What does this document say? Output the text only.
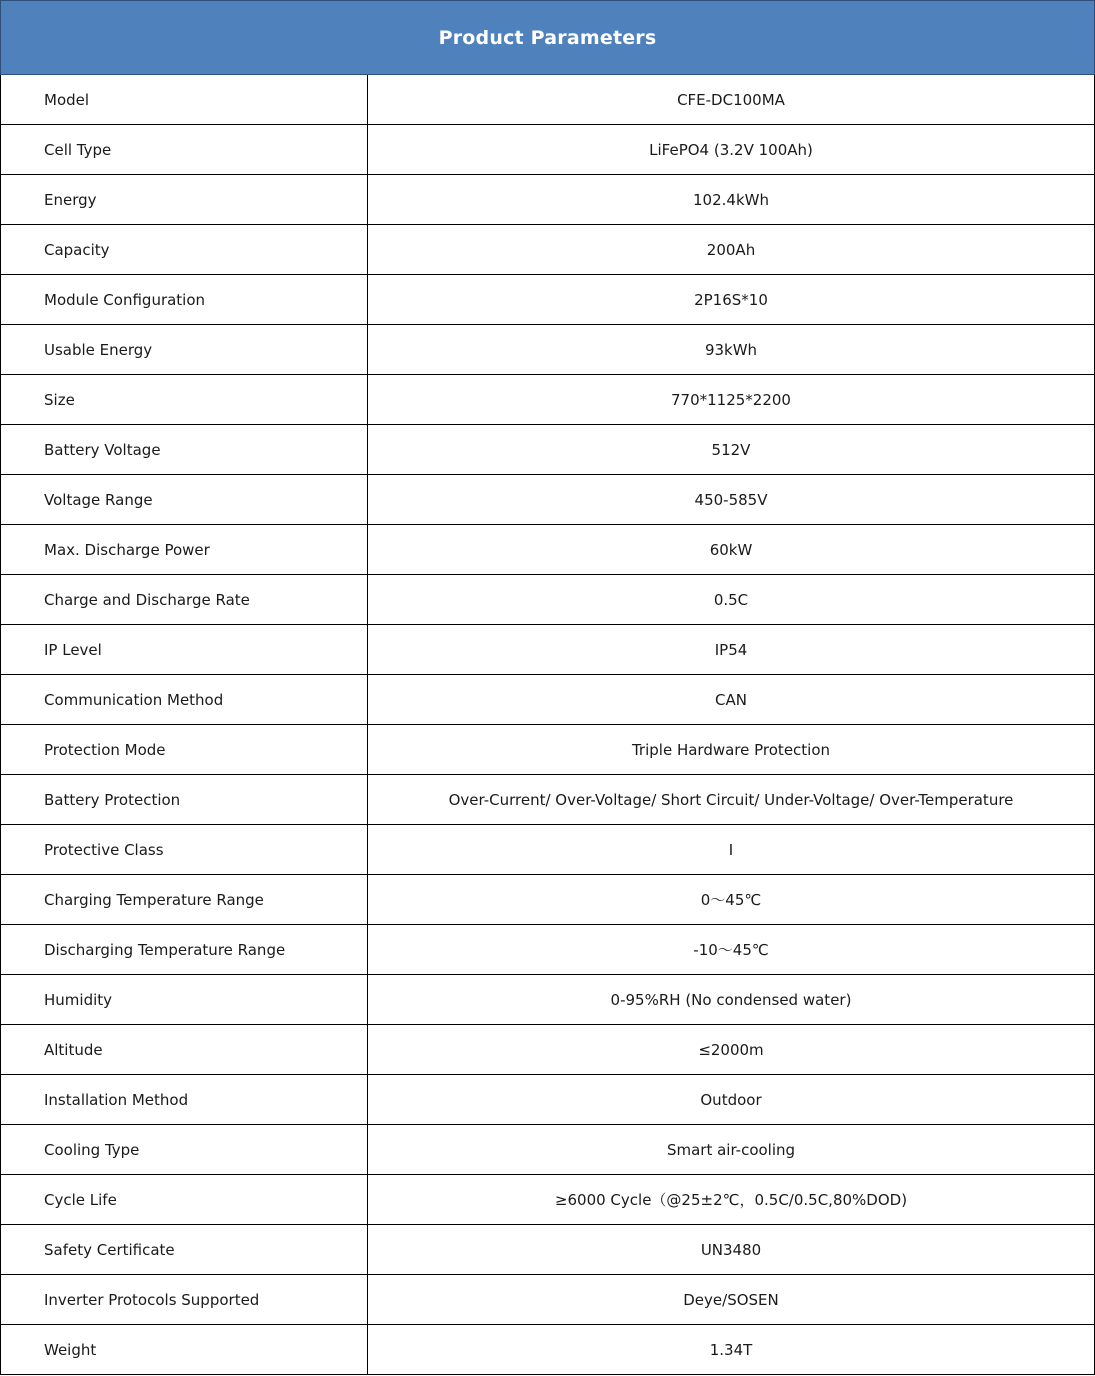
Product Parameters
Model	CFE-DC100MA
Cell Type	LiFePO4 (3.2V 100Ah)
Energy	102.4kWh
Capacity	200Ah
Module Configuration	2P16S*10
Usable Energy	93kWh
Size	770*1125*2200
Battery Voltage	512V
Voltage Range	450-585V
Max. Discharge Power	60kW
Charge and Discharge Rate	0.5C
IP Level	IP54
Communication Method	CAN
Protection Mode	Triple Hardware Protection
Battery Protection	Over-Current/ Over-Voltage/ Short Circuit/ Under-Voltage/ Over-Temperature
Protective Class	I
Charging Temperature Range	0～45℃
Discharging Temperature Range	-10～45℃
Humidity	0-95%RH (No condensed water)
Altitude	≤2000m
Installation Method	Outdoor
Cooling Type	Smart air-cooling
Cycle Life	≥6000 Cycle（@25±2℃，0.5C/0.5C,80%DOD)
Safety Certificate	UN3480
Inverter Protocols Supported	Deye/SOSEN
Weight	1.34T
